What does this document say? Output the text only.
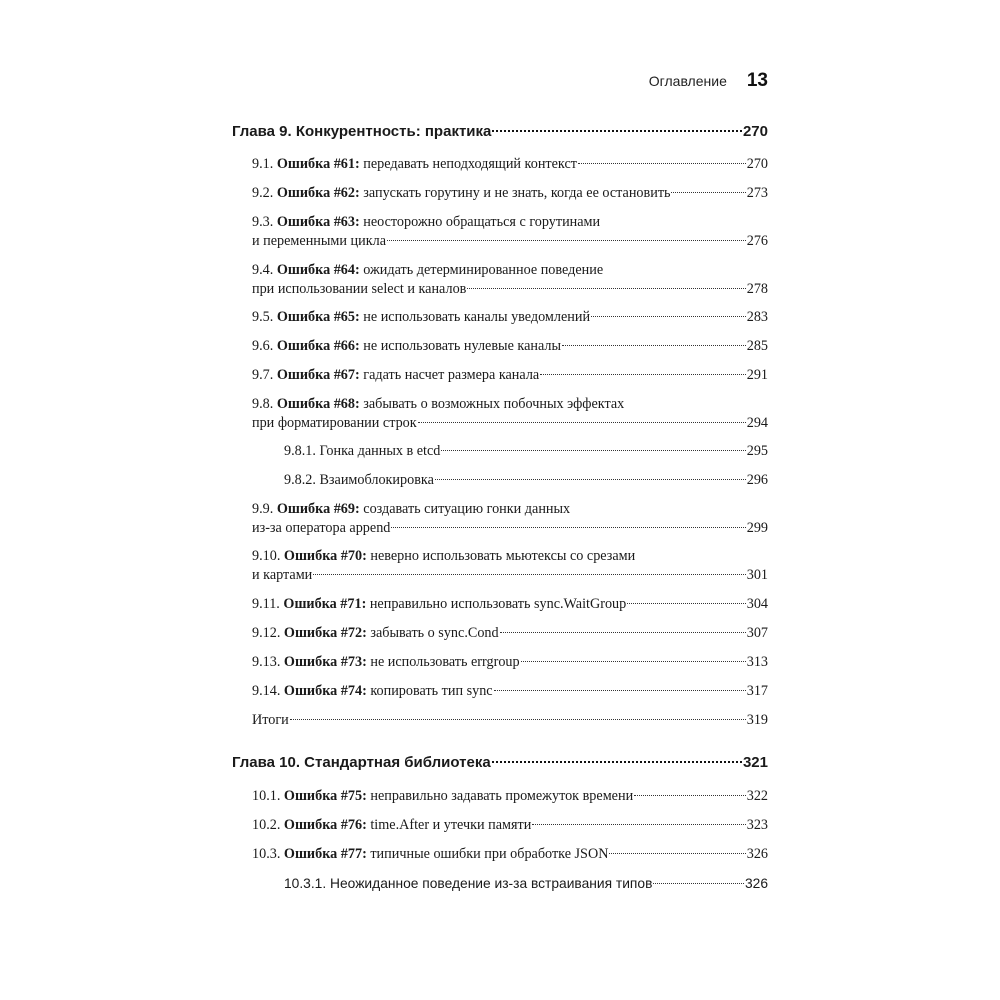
Оглавление 13
Глава 9. Конкурентность: практика	270
9.1. Ошибка #61: передавать неподходящий контекст	270
9.2. Ошибка #62: запускать горутину и не знать, когда ее остановить	273
9.3. Ошибка #63: неосторожно обращаться с горутинами
и переменными цикла	276
9.4. Ошибка #64: ожидать детерминированное поведение
при использовании select и каналов	278
9.5. Ошибка #65: не использовать каналы уведомлений	283
9.6. Ошибка #66: не использовать нулевые каналы	285
9.7. Ошибка #67: гадать насчет размера канала	291
9.8. Ошибка #68: забывать о возможных побочных эффектах
при форматировании строк	294
9.8.1. Гонка данных в etcd	295
9.8.2. Взаимоблокировка	296
9.9. Ошибка #69: создавать ситуацию гонки данных
из-за оператора append	299
9.10. Ошибка #70: неверно использовать мьютексы со срезами
и картами	301
9.11. Ошибка #71: неправильно использовать sync.WaitGroup	304
9.12. Ошибка #72: забывать о sync.Cond	307
9.13. Ошибка #73: не использовать errgroup	313
9.14. Ошибка #74: копировать тип sync	317
Итоги	319
Глава 10. Стандартная библиотека	321
10.1. Ошибка #75: неправильно задавать промежуток времени	322
10.2. Ошибка #76: time.After и утечки памяти	323
10.3. Ошибка #77: типичные ошибки при обработке JSON	326
10.3.1. Неожиданное поведение из-за встраивания типов	326
